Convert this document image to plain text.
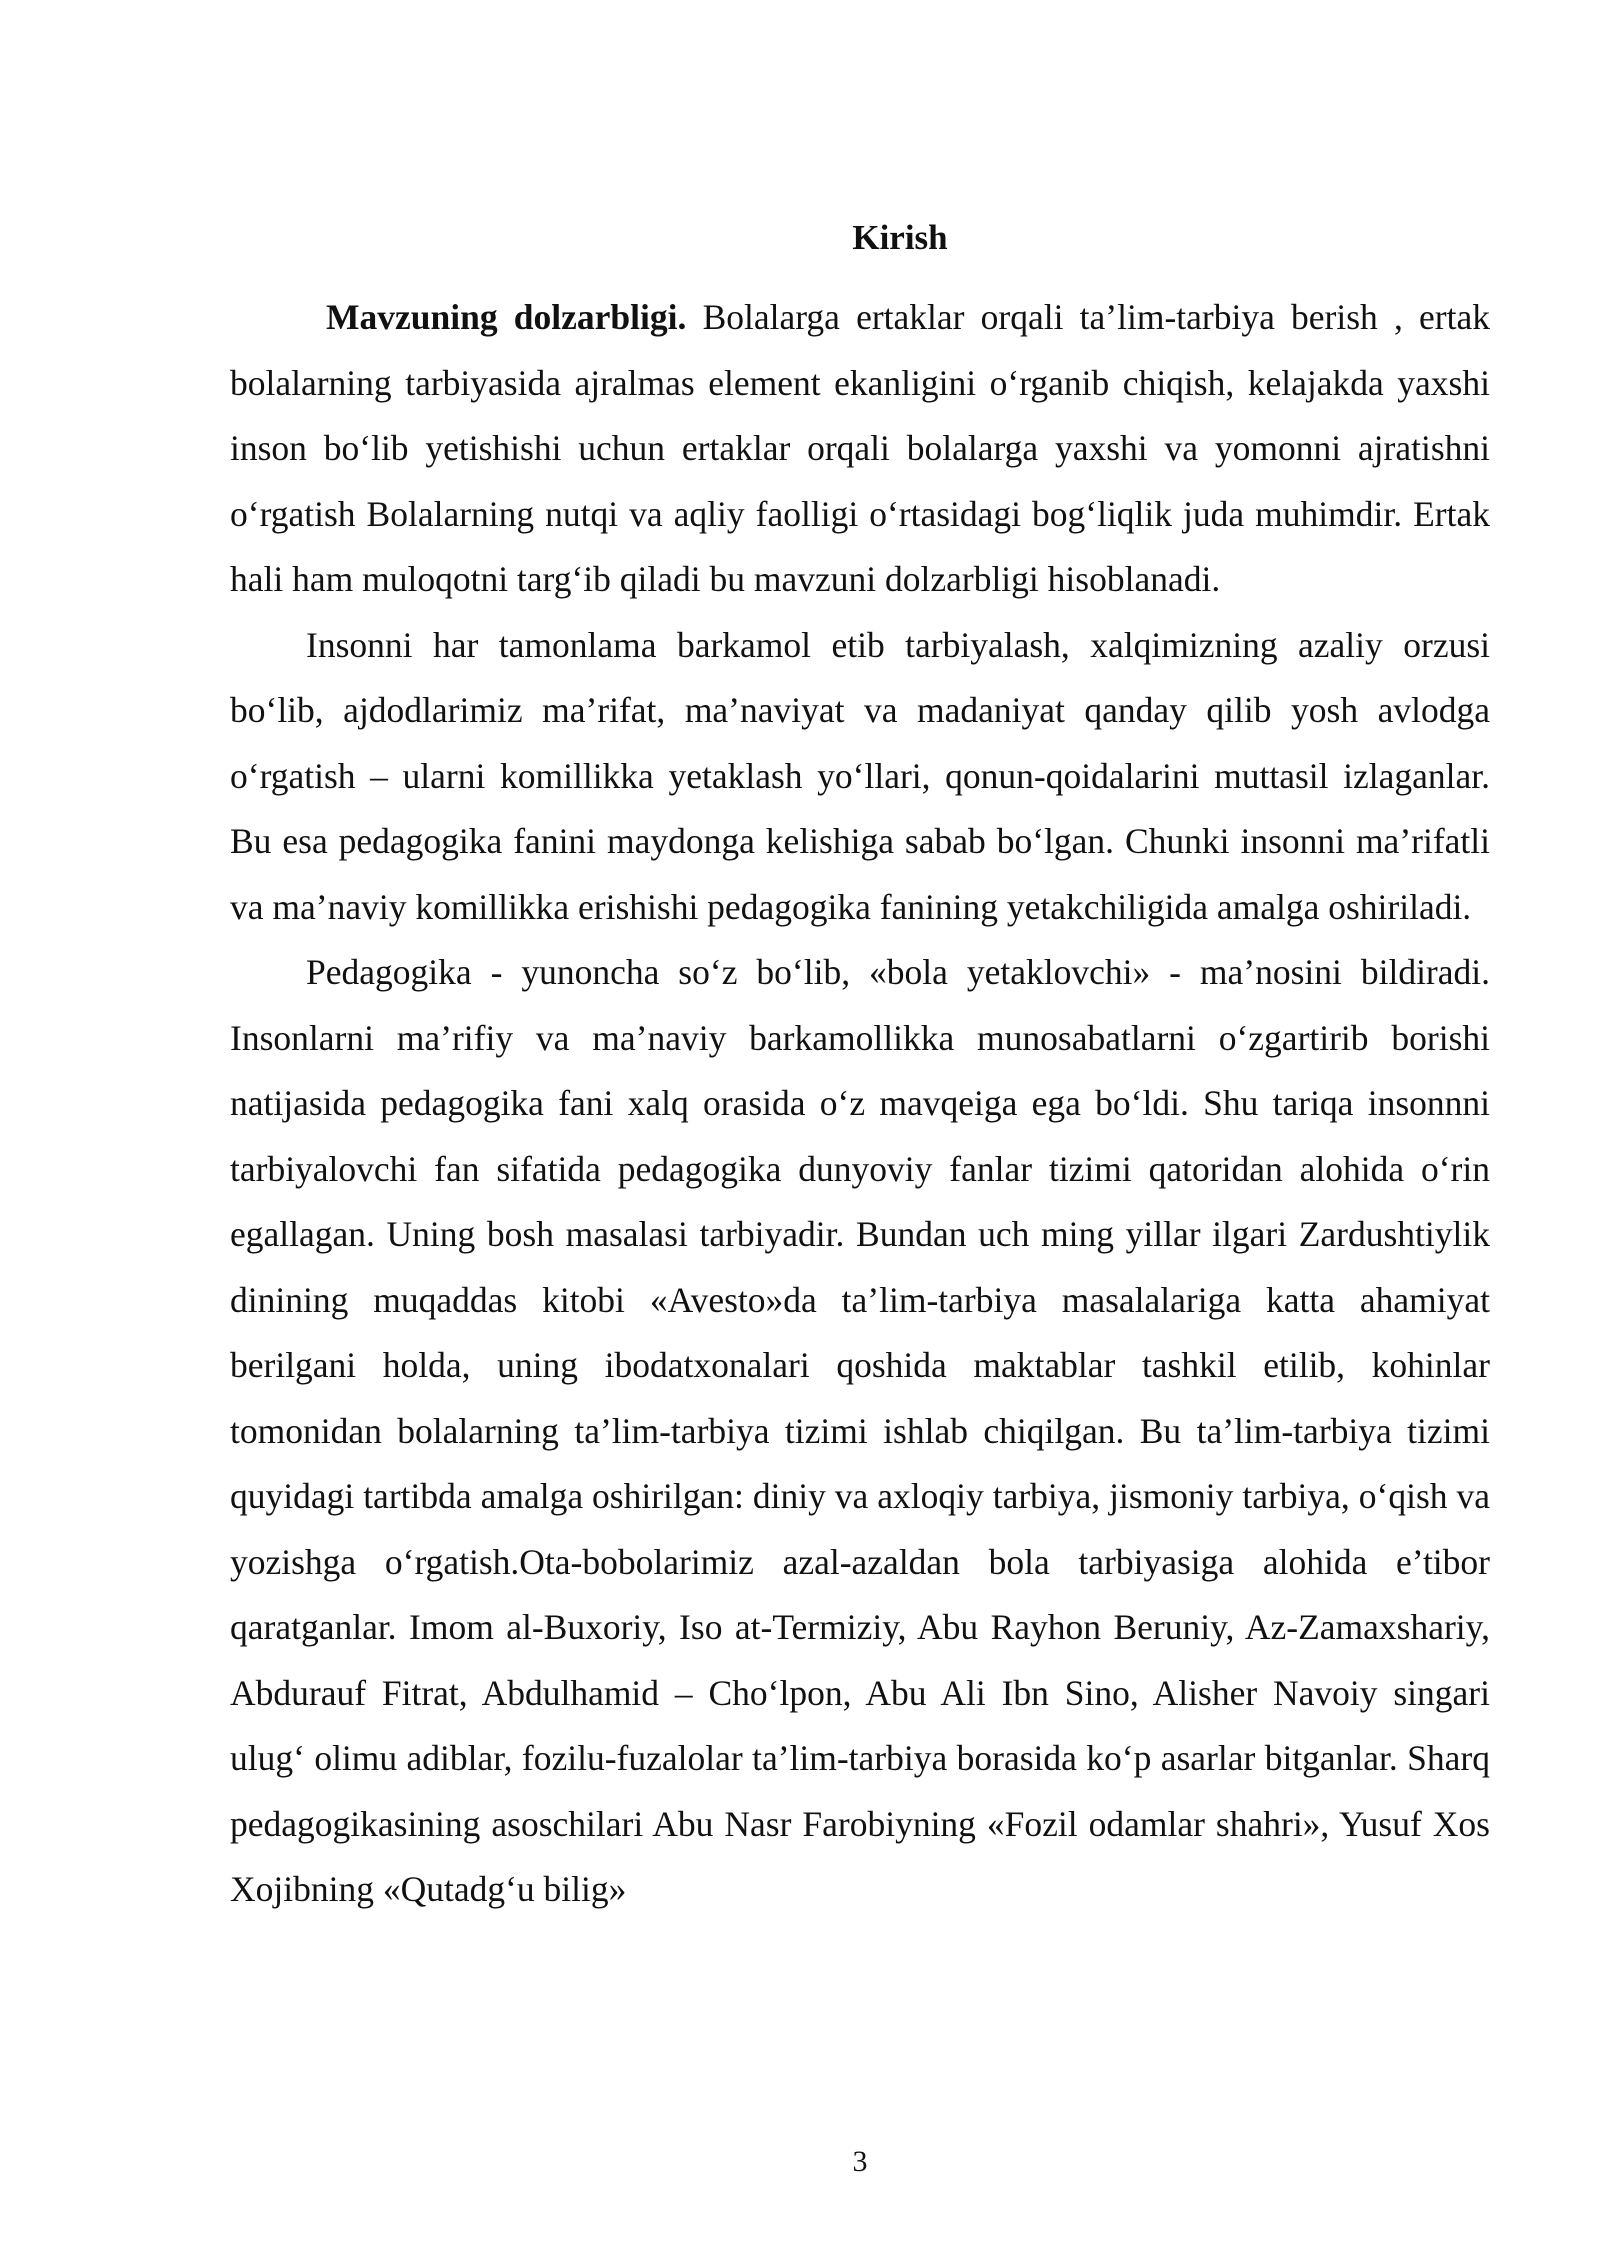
Kirish

Mavzuning dolzarbligi. Bolalarga ertaklar orqali ta’lim-tarbiya berish , ertak bolalarning tarbiyasida ajralmas element ekanligini o‘rganib chiqish, kelajakda yaxshi inson bo‘lib yetishishi uchun ertaklar orqali bolalarga yaxshi va yomonni ajratishni o‘rgatish Bolalarning nutqi va aqliy faolligi o‘rtasidagi bog‘liqlik juda muhimdir. Ertak hali ham muloqotni targ‘ib qiladi bu mavzuni dolzarbligi hisoblanadi.

Insonni har tamonlama barkamol etib tarbiyalash, xalqimizning azaliy orzusi bo‘lib, ajdodlarimiz ma’rifat, ma’naviyat va madaniyat qanday qilib yosh avlodga o‘rgatish – ularni komillikka yetaklash yo‘llari, qonun-qoidalarini muttasil izlaganlar. Bu esa pedagogika fanini maydonga kelishiga sabab bo‘lgan. Chunki insonni ma’rifatli va ma’naviy komillikka erishishi pedagogika fanining yetakchiligida amalga oshiriladi.

Pedagogika - yunoncha so‘z bo‘lib, «bola yetaklovchi» - ma’nosini bildiradi. Insonlarni ma’rifiy va ma’naviy barkamollikka munosabatlarni o‘zgartirib borishi natijasida pedagogika fani xalq orasida o‘z mavqeiga ega bo‘ldi. Shu tariqa insonnni tarbiyalovchi fan sifatida pedagogika dunyoviy fanlar tizimi qatoridan alohida o‘rin egallagan. Uning bosh masalasi tarbiyadir. Bundan uch ming yillar ilgari Zardushtiylik dinining muqaddas kitobi «Avesto»da ta’lim-tarbiya masalalariga katta ahamiyat berilgani holda, uning ibodatxonalari qoshida maktablar tashkil etilib, kohinlar tomonidan bolalarning ta’lim-tarbiya tizimi ishlab chiqilgan. Bu ta’lim-tarbiya tizimi quyidagi tartibda amalga oshirilgan: diniy va axloqiy tarbiya, jismoniy tarbiya, o‘qish va yozishga o‘rgatish.Ota-bobolarimiz azal-azaldan bola tarbiyasiga alohida e’tibor qaratganlar. Imom al-Buxoriy, Iso at-Termiziy, Abu Rayhon Beruniy, Az-Zamaxshariy, Abdurauf Fitrat, Abdulhamid – Cho‘lpon, Abu Ali Ibn Sino, Alisher Navoiy singari ulug‘ olimu adiblar, fozilu-fuzalolar ta’lim-tarbiya borasida ko‘p asarlar bitganlar. Sharq pedagogikasining asoschilari Abu Nasr Farobiyning «Fozil odamlar shahri», Yusuf Xos Xojibning «Qutadg‘u bilig»

3
